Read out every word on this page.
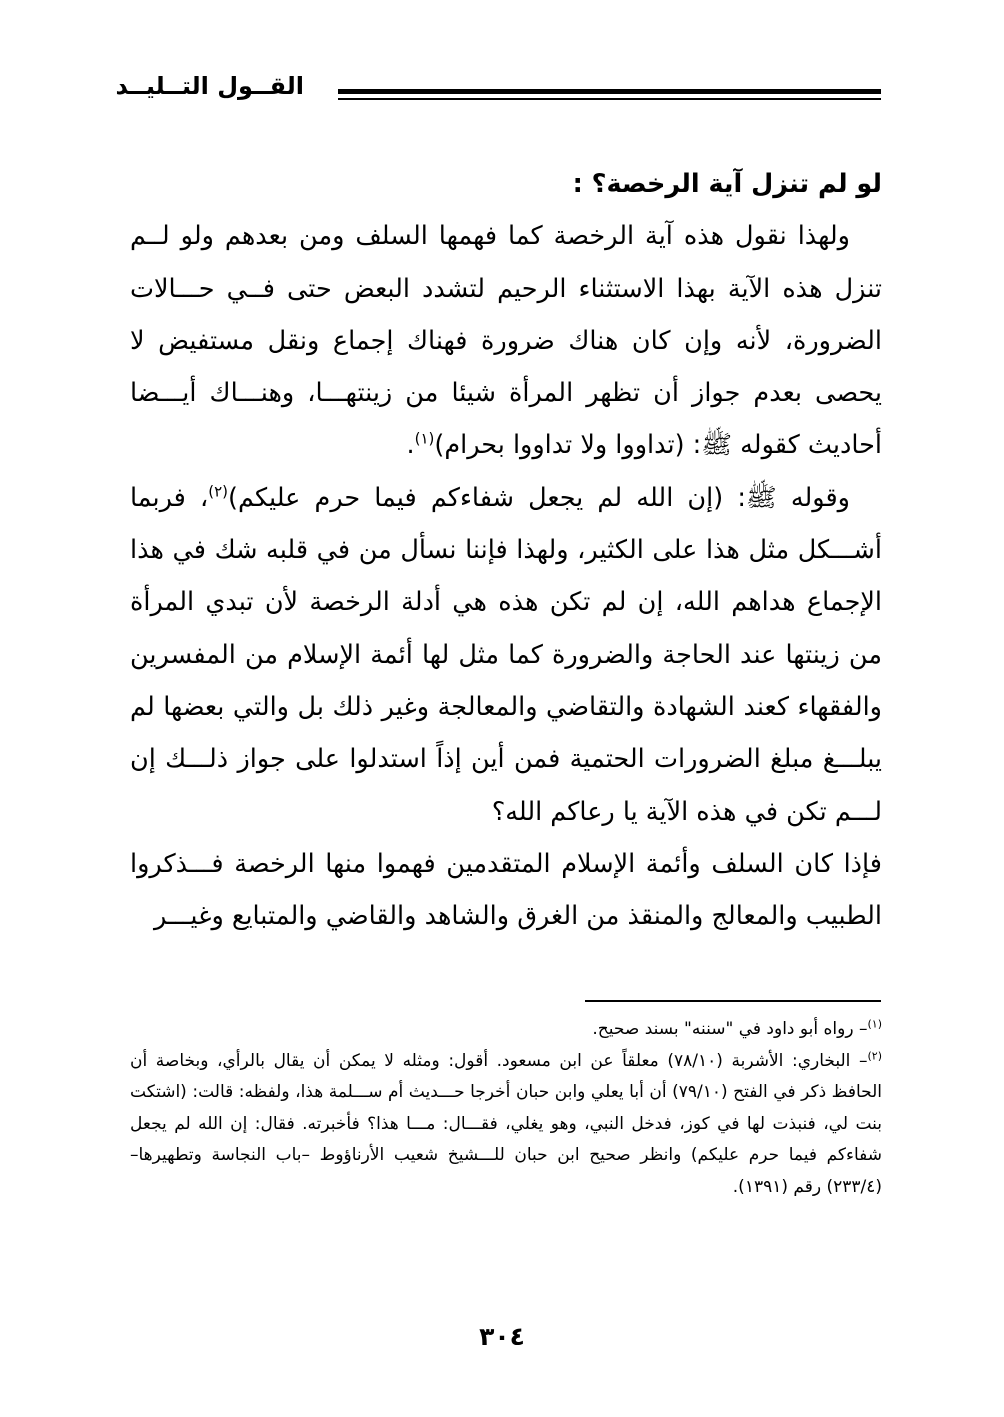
القــول التــليــد

لو لم تنزل آية الرخصة؟ :

ولهذا نقول هذه آية الرخصة كما فهمها السلف ومن بعدهم ولو لــم تنزل هذه الآية بهذا الاستثناء الرحيم لتشدد البعض حتى فــي حـــالات الضرورة، لأنه وإن كان هناك ضرورة فهناك إجماع ونقل مستفيض لا يحصى بعدم جواز أن تظهر المرأة شيئا من زينتهـــا، وهنـــاك أيـــضا أحاديث كقوله ﷺ: (تداووا ولا تداووا بحرام)$^{(١)}$.

وقوله ﷺ: (إن الله لم يجعل شفاءكم فيما حرم عليكم)$^{(٢)}$، فربما أشـــكل مثل هذا على الكثير، ولهذا فإننا نسأل من في قلبه شك في هذا الإجماع هداهم الله، إن لم تكن هذه هي أدلة الرخصة لأن تبدي المرأة من زينتها عند الحاجة والضرورة كما مثل لها أئمة الإسلام من المفسرين والفقهاء كعند الشهادة والتقاضي والمعالجة وغير ذلك بل والتي بعضها لم يبلـــغ مبلغ الضرورات الحتمية فمن أين إذاً استدلوا على جواز ذلـــك إن لـــم تكن في هذه الآية يا رعاكم الله؟

فإذا كان السلف وأئمة الإسلام المتقدمين فهموا منها الرخصة فـــذكروا الطبيب والمعالج والمنقذ من الغرق والشاهد والقاضي والمتبايع وغيـــر

$^{(١)}$– رواه أبو داود في "سننه" بسند صحيح.

$^{(٢)}$– البخاري: الأشربة (٧٨/١٠) معلقاً عن ابن مسعود. أقول: ومثله لا يمكن أن يقال بالرأي، وبخاصة أن الحافظ ذكر في الفتح (٧٩/١٠) أن أبا يعلي وابن حبان أخرجا حـــديث أم ســـلمة هذا، ولفظه: قالت: (اشتكت بنت لي، فنبذت لها في كوز، فدخل النبي، وهو يغلي، فقـــال: مـــا هذا؟ فأخبرته. فقال: إن الله لم يجعل شفاءكم فيما حرم عليكم) وانظر صحيح ابن حبان للـــشيخ شعيب الأرناؤوط –باب النجاسة وتطهيرها– (٢٣٣/٤) رقم (١٣٩١).

٣٠٤
